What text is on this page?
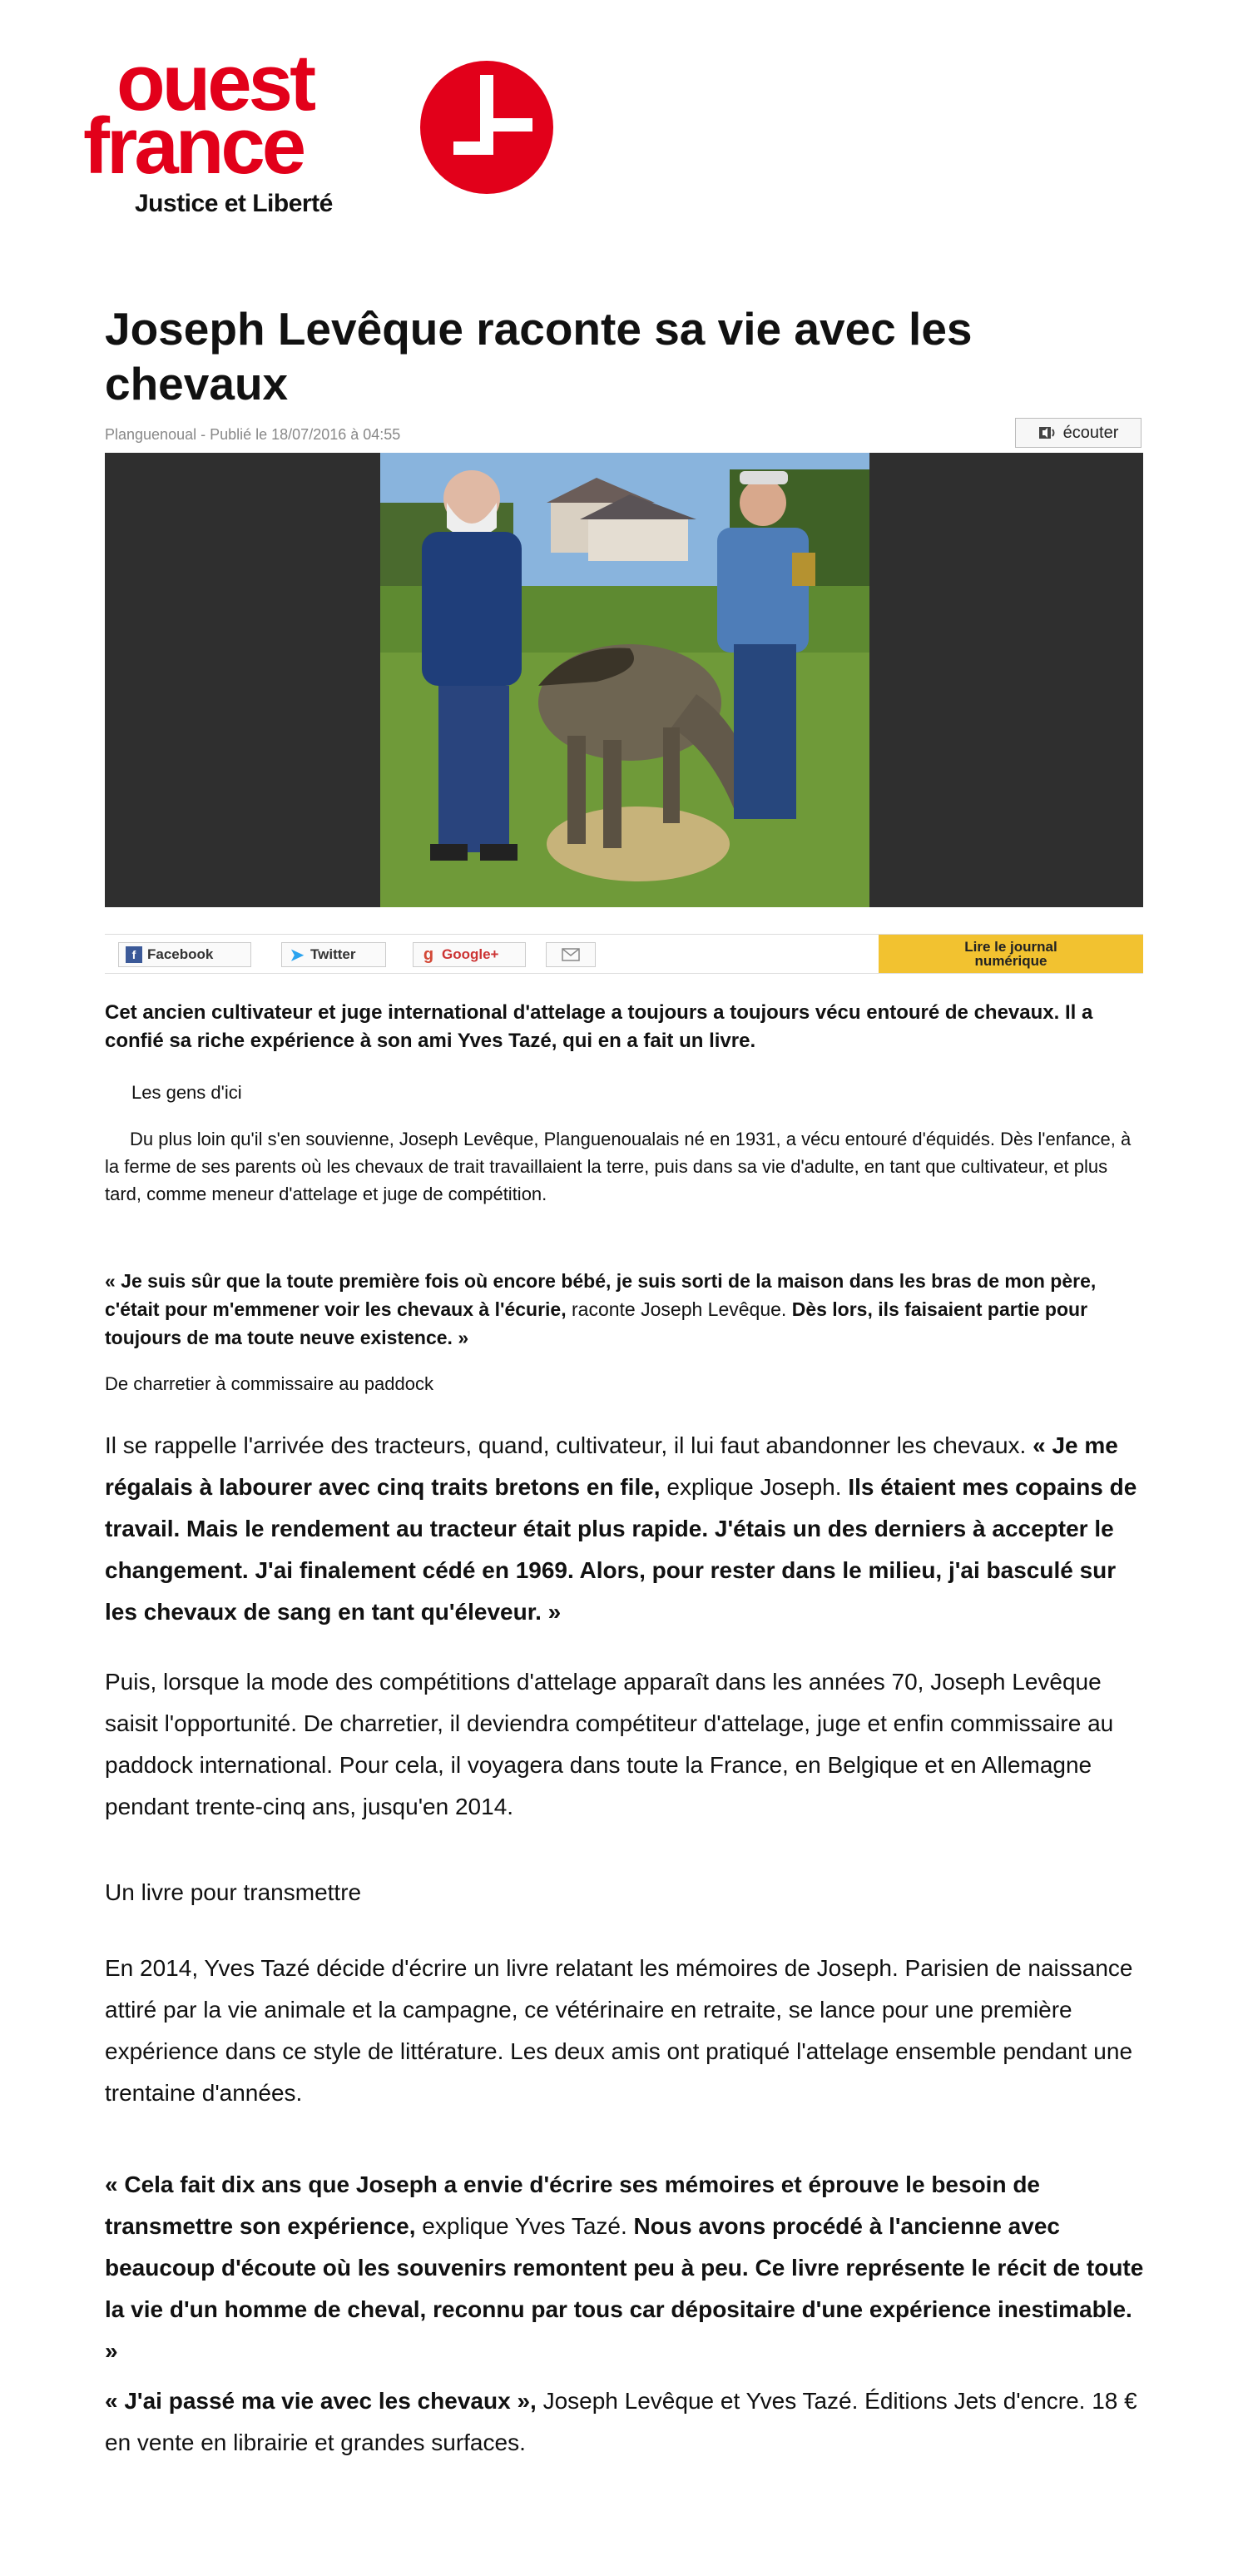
ouest
france
Justice et Liberté
Joseph Levêque raconte sa vie avec les chevaux
Planguenoual - Publié le 18/07/2016 à 04:55	écouter
f Facebook	➤ Twitter	g Google+	Lire le journal
numérique

Cet ancien cultivateur et juge international d'attelage a toujours a toujours vécu entouré de chevaux. Il a confié sa riche expérience à son ami Yves Tazé, qui en a fait un livre.

Les gens d'ici

Du plus loin qu'il s'en souvienne, Joseph Levêque, Planguenoualais né en 1931, a vécu entouré d'équidés. Dès l'enfance, à la ferme de ses parents où les chevaux de trait travaillaient la terre, puis dans sa vie d'adulte, en tant que cultivateur, et plus tard, comme meneur d'attelage et juge de compétition.

« Je suis sûr que la toute première fois où encore bébé, je suis sorti de la maison dans les bras de mon père, c'était pour m'emmener voir les chevaux à l'écurie, raconte Joseph Levêque. Dès lors, ils faisaient partie pour toujours de ma toute neuve existence. »

De charretier à commissaire au paddock

Il se rappelle l'arrivée des tracteurs, quand, cultivateur, il lui faut abandonner les chevaux. « Je me régalais à labourer avec cinq traits bretons en file, explique Joseph. Ils étaient mes copains de travail. Mais le rendement au tracteur était plus rapide. J'étais un des derniers à accepter le changement. J'ai finalement cédé en 1969. Alors, pour rester dans le milieu, j'ai basculé sur les chevaux de sang en tant qu'éleveur. »

Puis, lorsque la mode des compétitions d'attelage apparaît dans les années 70, Joseph Levêque saisit l'opportunité. De charretier, il deviendra compétiteur d'attelage, juge et enfin commissaire au paddock international. Pour cela, il voyagera dans toute la France, en Belgique et en Allemagne pendant trente-cinq ans, jusqu'en 2014.

Un livre pour transmettre

En 2014, Yves Tazé décide d'écrire un livre relatant les mémoires de Joseph. Parisien de naissance attiré par la vie animale et la campagne, ce vétérinaire en retraite, se lance pour une première expérience dans ce style de littérature. Les deux amis ont pratiqué l'attelage ensemble pendant une trentaine d'années.

« Cela fait dix ans que Joseph a envie d'écrire ses mémoires et éprouve le besoin de transmettre son expérience, explique Yves Tazé. Nous avons procédé à l'ancienne avec beaucoup d'écoute où les souvenirs remontent peu à peu. Ce livre représente le récit de toute la vie d'un homme de cheval, reconnu par tous car dépositaire d'une expérience inestimable. »

« J'ai passé ma vie avec les chevaux », Joseph Levêque et Yves Tazé. Éditions Jets d'encre. 18 € en vente en librairie et grandes surfaces.
